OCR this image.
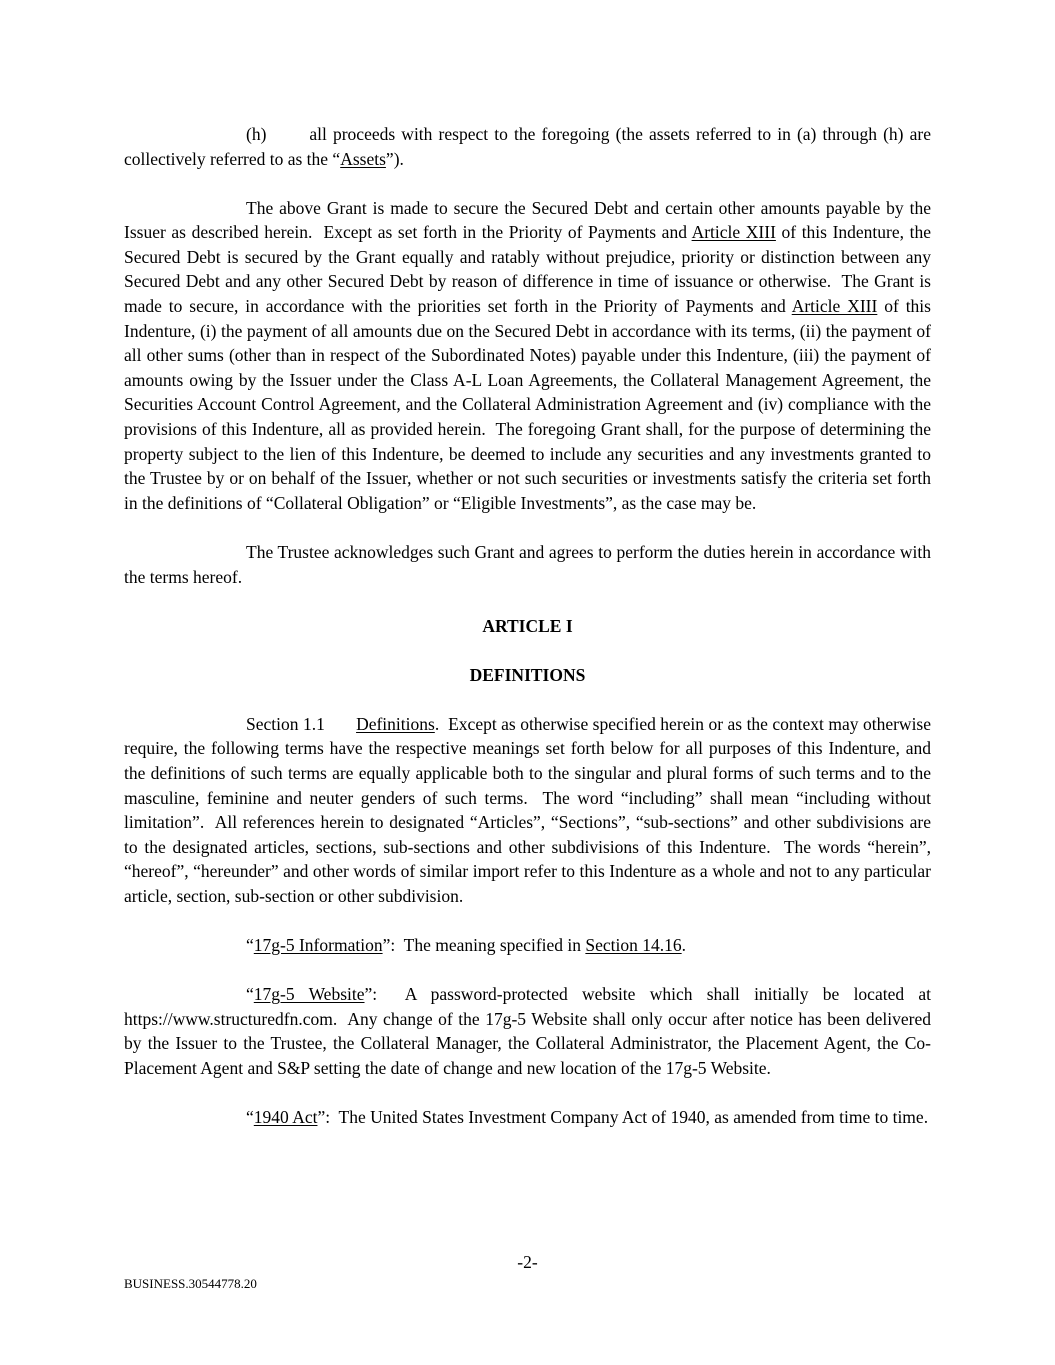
(h)       all proceeds with respect to the foregoing (the assets referred to in (a) through (h) are collectively referred to as the “Assets”).

The above Grant is made to secure the Secured Debt and certain other amounts payable by the Issuer as described herein.  Except as set forth in the Priority of Payments and Article XIII of this Indenture, the Secured Debt is secured by the Grant equally and ratably without prejudice, priority or distinction between any Secured Debt and any other Secured Debt by reason of difference in time of issuance or otherwise.  The Grant is made to secure, in accordance with the priorities set forth in the Priority of Payments and Article XIII of this Indenture, (i) the payment of all amounts due on the Secured Debt in accordance with its terms, (ii) the payment of all other sums (other than in respect of the Subordinated Notes) payable under this Indenture, (iii) the payment of amounts owing by the Issuer under the Class A-L Loan Agreements, the Collateral Management Agreement, the Securities Account Control Agreement, and the Collateral Administration Agreement and (iv) compliance with the provisions of this Indenture, all as provided herein.  The foregoing Grant shall, for the purpose of determining the property subject to the lien of this Indenture, be deemed to include any securities and any investments granted to the Trustee by or on behalf of the Issuer, whether or not such securities or investments satisfy the criteria set forth in the definitions of “Collateral Obligation” or “Eligible Investments”, as the case may be.

The Trustee acknowledges such Grant and agrees to perform the duties herein in accordance with the terms hereof.

ARTICLE I

DEFINITIONS

Section 1.1       Definitions.  Except as otherwise specified herein or as the context may otherwise require, the following terms have the respective meanings set forth below for all purposes of this Indenture, and the definitions of such terms are equally applicable both to the singular and plural forms of such terms and to the masculine, feminine and neuter genders of such terms.  The word “including” shall mean “including without limitation”.  All references herein to designated “Articles”, “Sections”, “sub-sections” and other subdivisions are to the designated articles, sections, sub-sections and other subdivisions of this Indenture.  The words “herein”, “hereof”, “hereunder” and other words of similar import refer to this Indenture as a whole and not to any particular article, section, sub-section or other subdivision.

“17g-5 Information”:  The meaning specified in Section 14.16.

“17g-5 Website”:  A password-protected website which shall initially be located at https://www.structuredfn.com.  Any change of the 17g-5 Website shall only occur after notice has been delivered by the Issuer to the Trustee, the Collateral Manager, the Collateral Administrator, the Placement Agent, the Co-Placement Agent and S&P setting the date of change and new location of the 17g-5 Website.

“1940 Act”:  The United States Investment Company Act of 1940, as amended from time to time.

-2-
BUSINESS.30544778.20
